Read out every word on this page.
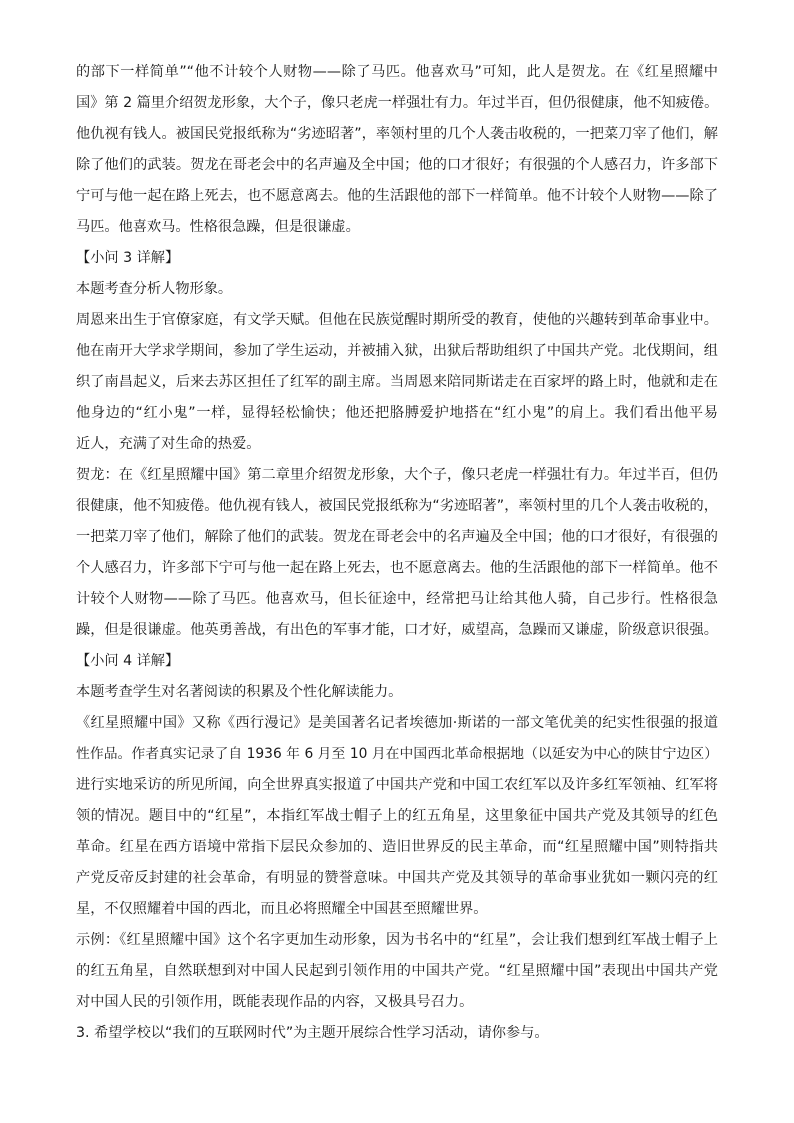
的部下一样简单”“他不计较个人财物——除了马匹。他喜欢马”可知，此人是贺龙。在《红星照耀中
国》第 2 篇里介绍贺龙形象，大个子，像只老虎一样强壮有力。年过半百，但仍很健康，他不知疲倦。
他仇视有钱人。被国民党报纸称为“劣迹昭著”，率领村里的几个人袭击收税的，一把菜刀宰了他们，解
除了他们的武装。贺龙在哥老会中的名声遍及全中国；他的口才很好；有很强的个人感召力，许多部下
宁可与他一起在路上死去，也不愿意离去。他的生活跟他的部下一样简单。他不计较个人财物——除了
马匹。他喜欢马。性格很急躁，但是很谦虚。
【小问 3 详解】
本题考查分析人物形象。
周恩来出生于官僚家庭，有文学天赋。但他在民族觉醒时期所受的教育，使他的兴趣转到革命事业中。
他在南开大学求学期间，参加了学生运动，并被捕入狱，出狱后帮助组织了中国共产党。北伐期间，组
织了南昌起义，后来去苏区担任了红军的副主席。当周恩来陪同斯诺走在百家坪的路上时，他就和走在
他身边的“红小鬼”一样，显得轻松愉快；他还把胳膊爱护地搭在“红小鬼”的肩上。我们看出他平易
近人，充满了对生命的热爱。
贺龙：在《红星照耀中国》第二章里介绍贺龙形象，大个子，像只老虎一样强壮有力。年过半百，但仍
很健康，他不知疲倦。他仇视有钱人，被国民党报纸称为“劣迹昭著”，率领村里的几个人袭击收税的，
一把菜刀宰了他们，解除了他们的武装。贺龙在哥老会中的名声遍及全中国；他的口才很好，有很强的
个人感召力，许多部下宁可与他一起在路上死去，也不愿意离去。他的生活跟他的部下一样简单。他不
计较个人财物——除了马匹。他喜欢马，但长征途中，经常把马让给其他人骑，自己步行。性格很急
躁，但是很谦虚。他英勇善战，有出色的军事才能，口才好，威望高，急躁而又谦虚，阶级意识很强。
【小问 4 详解】
本题考查学生对名著阅读的积累及个性化解读能力。
《红星照耀中国》又称《西行漫记》是美国著名记者埃德加·斯诺的一部文笔优美的纪实性很强的报道
性作品。作者真实记录了自 1936 年 6 月至 10 月在中国西北革命根据地（以延安为中心的陕甘宁边区）
进行实地采访的所见所闻，向全世界真实报道了中国共产党和中国工农红军以及许多红军领袖、红军将
领的情况。题目中的“红星”，本指红军战士帽子上的红五角星，这里象征中国共产党及其领导的红色
革命。红星在西方语境中常指下层民众参加的、造旧世界反的民主革命，而“红星照耀中国”则特指共
产党反帝反封建的社会革命，有明显的赞誉意味。中国共产党及其领导的革命事业犹如一颗闪亮的红
星，不仅照耀着中国的西北，而且必将照耀全中国甚至照耀世界。
示例：《红星照耀中国》这个名字更加生动形象，因为书名中的“红星”，会让我们想到红军战士帽子上
的红五角星，自然联想到对中国人民起到引领作用的中国共产党。“红星照耀中国”表现出中国共产党
对中国人民的引领作用，既能表现作品的内容，又极具号召力。
3. 希望学校以“我们的互联网时代”为主题开展综合性学习活动，请你参与。
